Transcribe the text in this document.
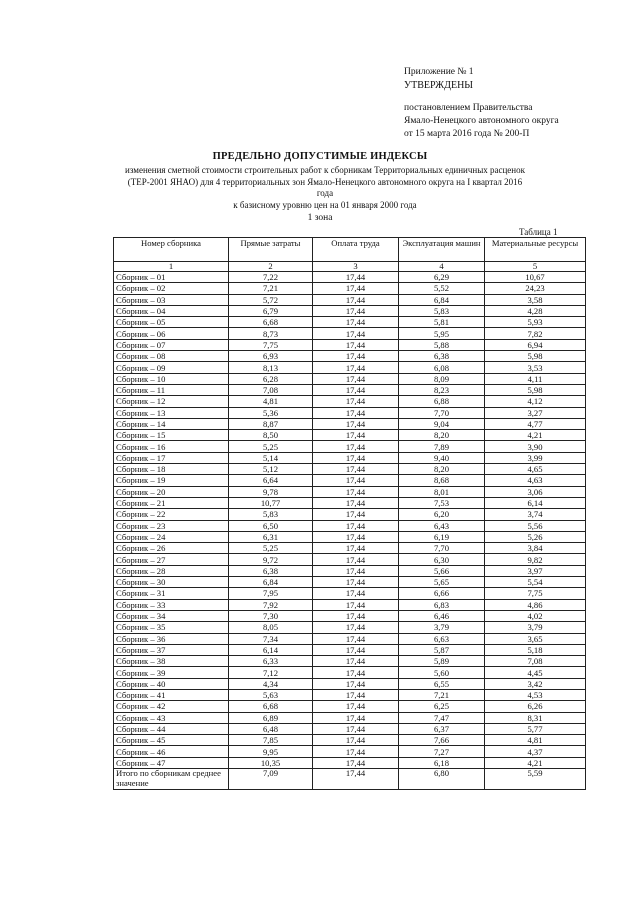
Приложение № 1
УТВЕРЖДЕНЫ
постановлением Правительства
Ямало-Ненецкого автономного округа
от 15 марта 2016 года № 200-П
ПРЕДЕЛЬНО ДОПУСТИМЫЕ ИНДЕКСЫ
изменения сметной стоимости строительных работ к сборникам Территориальных единичных расценок
(ТЕР-2001 ЯНАО) для 4 территориальных зон Ямало-Ненецкого автономного округа на I квартал 2016 года
к базисному уровню цен на 01 января 2000 года
1 зона
Таблица 1
Номер сборника	Прямые затраты	Оплата труда	Эксплуатация машин	Материальные ресурсы
1	2	3	4	5
Сборник – 01	7,22	17,44	6,29	10,67
Сборник – 02	7,21	17,44	5,52	24,23
Сборник – 03	5,72	17,44	6,84	3,58
Сборник – 04	6,79	17,44	5,83	4,28
Сборник – 05	6,68	17,44	5,81	5,93
Сборник – 06	8,73	17,44	5,95	7,82
Сборник – 07	7,75	17,44	5,88	6,94
Сборник – 08	6,93	17,44	6,38	5,98
Сборник – 09	8,13	17,44	6,08	3,53
Сборник – 10	6,28	17,44	8,09	4,11
Сборник – 11	7,08	17,44	8,23	5,98
Сборник – 12	4,81	17,44	6,88	4,12
Сборник – 13	5,36	17,44	7,70	3,27
Сборник – 14	8,87	17,44	9,04	4,77
Сборник – 15	8,50	17,44	8,20	4,21
Сборник – 16	5,25	17,44	7,89	3,90
Сборник – 17	5,14	17,44	9,40	3,99
Сборник – 18	5,12	17,44	8,20	4,65
Сборник – 19	6,64	17,44	8,68	4,63
Сборник – 20	9,78	17,44	8,01	3,06
Сборник – 21	10,77	17,44	7,53	6,14
Сборник – 22	5,83	17,44	6,20	3,74
Сборник – 23	6,50	17,44	6,43	5,56
Сборник – 24	6,31	17,44	6,19	5,26
Сборник – 26	5,25	17,44	7,70	3,84
Сборник – 27	9,72	17,44	6,30	9,82
Сборник – 28	6,38	17,44	5,66	3,97
Сборник – 30	6,84	17,44	5,65	5,54
Сборник – 31	7,95	17,44	6,66	7,75
Сборник – 33	7,92	17,44	6,83	4,86
Сборник – 34	7,30	17,44	6,46	4,02
Сборник – 35	8,05	17,44	3,79	3,79
Сборник – 36	7,34	17,44	6,63	3,65
Сборник – 37	6,14	17,44	5,87	5,18
Сборник – 38	6,33	17,44	5,89	7,08
Сборник – 39	7,12	17,44	5,60	4,45
Сборник – 40	4,34	17,44	6,55	3,42
Сборник – 41	5,63	17,44	7,21	4,53
Сборник – 42	6,68	17,44	6,25	6,26
Сборник – 43	6,89	17,44	7,47	8,31
Сборник – 44	6,48	17,44	6,37	5,77
Сборник – 45	7,85	17,44	7,66	4,81
Сборник – 46	9,95	17,44	7,27	4,37
Сборник – 47	10,35	17,44	6,18	4,21
Итого по сборникам среднее значение	7,09	17,44	6,80	5,59
